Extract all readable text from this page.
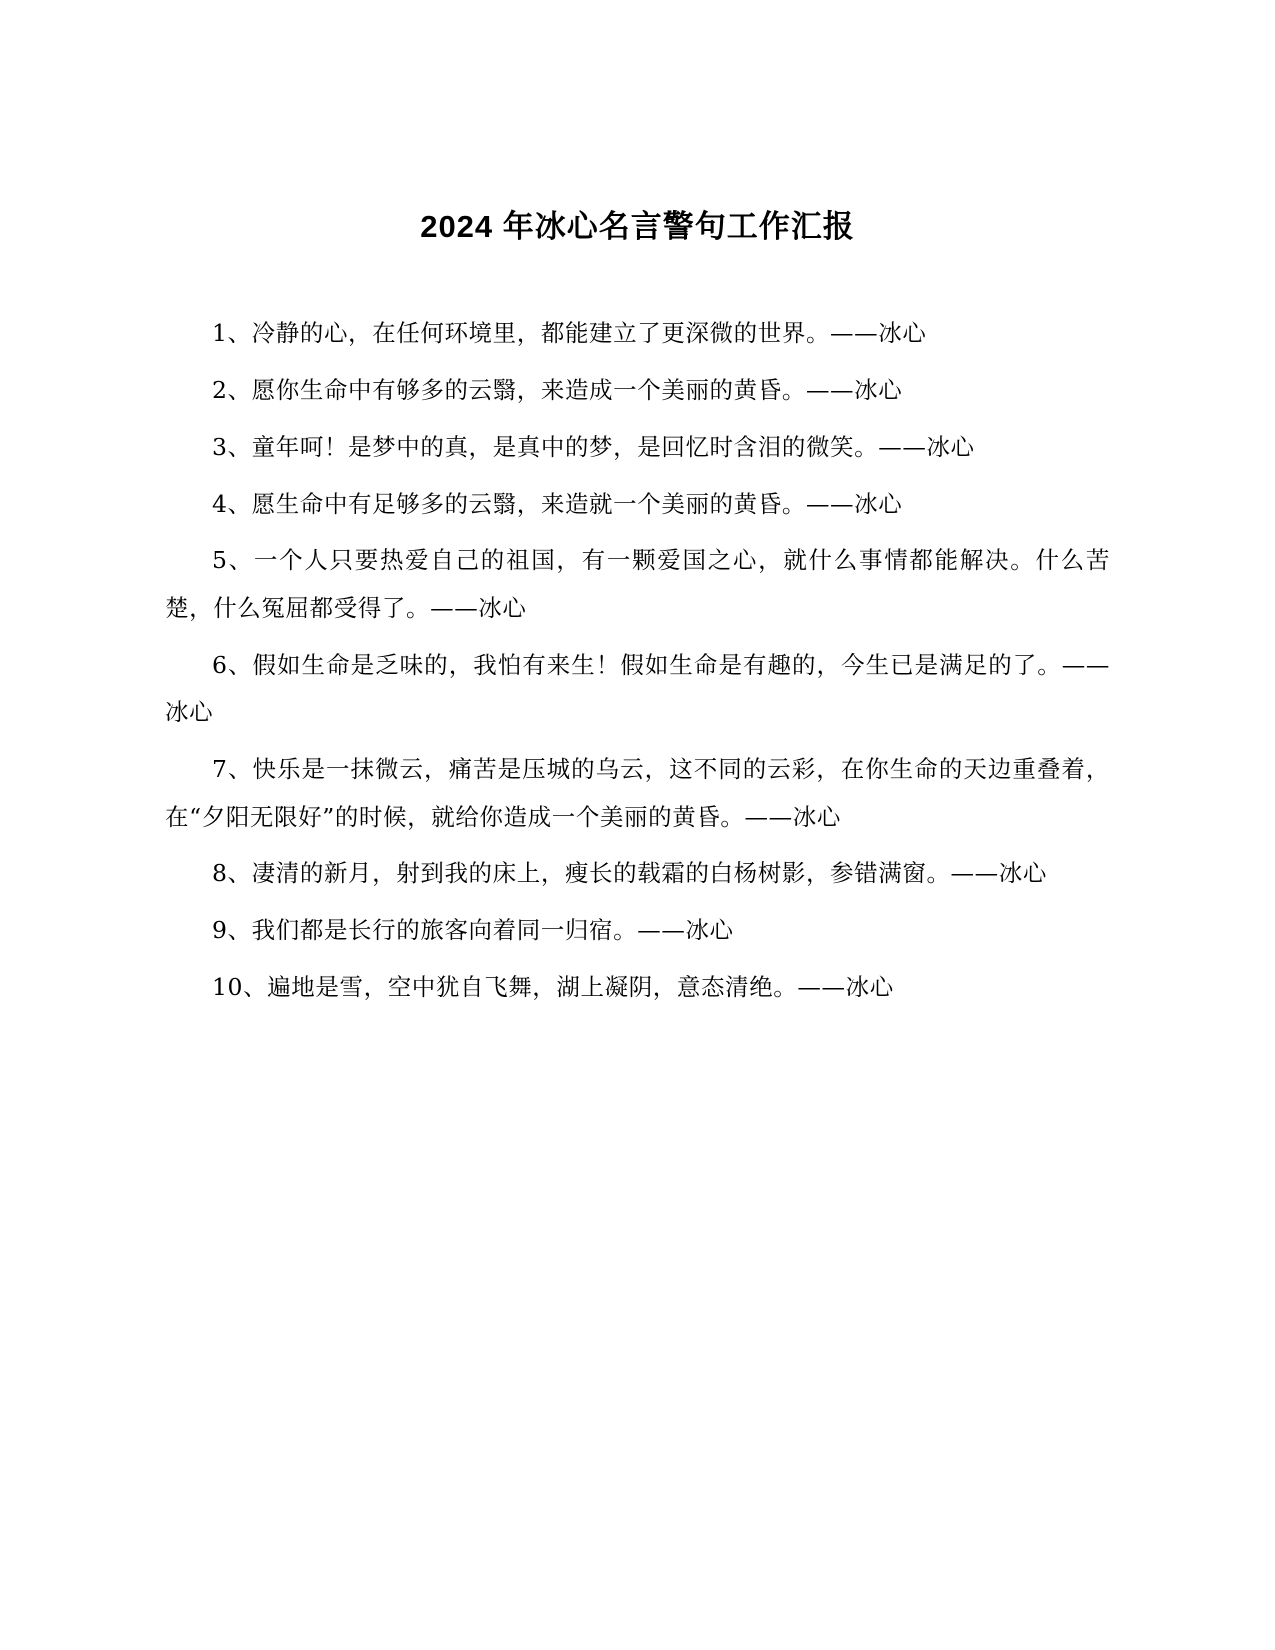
2024 年冰心名言警句工作汇报

1、冷静的心，在任何环境里，都能建立了更深微的世界。——冰心

2、愿你生命中有够多的云翳，来造成一个美丽的黄昏。——冰心

3、童年呵！是梦中的真，是真中的梦，是回忆时含泪的微笑。——冰心

4、愿生命中有足够多的云翳，来造就一个美丽的黄昏。——冰心

5、一个人只要热爱自己的祖国，有一颗爱国之心，就什么事情都能解决。什么苦楚，什么冤屈都受得了。——冰心

6、假如生命是乏味的，我怕有来生！假如生命是有趣的，今生已是满足的了。——冰心

7、快乐是一抹微云，痛苦是压城的乌云，这不同的云彩，在你生命的天边重叠着，在“夕阳无限好”的时候，就给你造成一个美丽的黄昏。——冰心

8、凄清的新月，射到我的床上，瘦长的载霜的白杨树影，参错满窗。——冰心

9、我们都是长行的旅客向着同一归宿。——冰心

10、遍地是雪，空中犹自飞舞，湖上凝阴，意态清绝。——冰心
